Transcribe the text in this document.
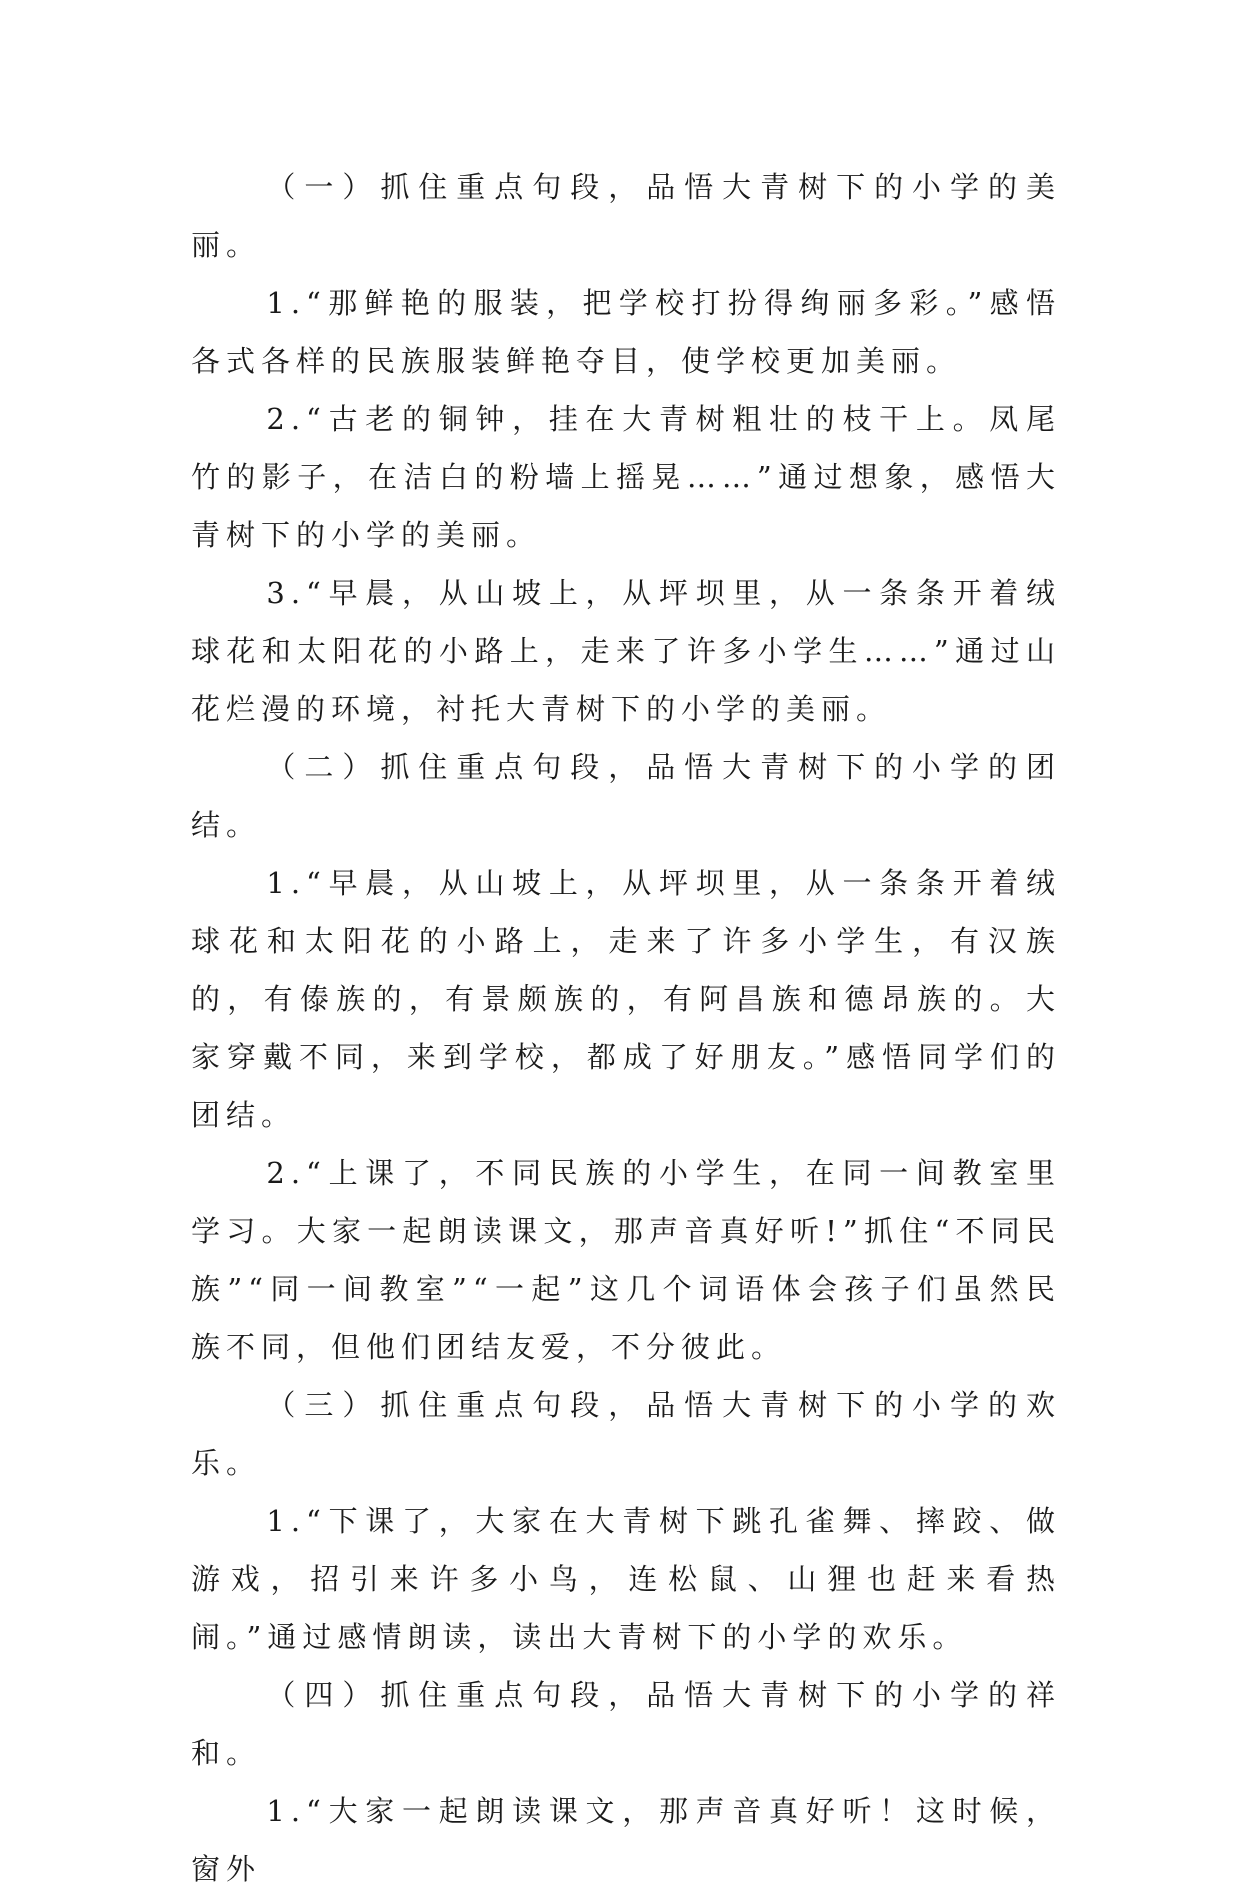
（一）抓住重点句段，品悟大青树下的小学的美丽。

1.“那鲜艳的服装，把学校打扮得绚丽多彩。”感悟各式各样的民族服装鲜艳夺目，使学校更加美丽。

2.“古老的铜钟，挂在大青树粗壮的枝干上。凤尾竹的影子，在洁白的粉墙上摇晃……”通过想象，感悟大青树下的小学的美丽。

3.“早晨，从山坡上，从坪坝里，从一条条开着绒球花和太阳花的小路上，走来了许多小学生……”通过山花烂漫的环境，衬托大青树下的小学的美丽。

（二）抓住重点句段，品悟大青树下的小学的团结。

1.“早晨，从山坡上，从坪坝里，从一条条开着绒球花和太阳花的小路上，走来了许多小学生，有汉族的，有傣族的，有景颇族的，有阿昌族和德昂族的。大家穿戴不同，来到学校，都成了好朋友。”感悟同学们的团结。

2.“上课了，不同民族的小学生，在同一间教室里学习。大家一起朗读课文，那声音真好听!”抓住“不同民族”“同一间教室”“一起”这几个词语体会孩子们虽然民族不同，但他们团结友爱，不分彼此。

（三）抓住重点句段，品悟大青树下的小学的欢乐。

1.“下课了，大家在大青树下跳孔雀舞、摔跤、做游戏，招引来许多小鸟，连松鼠、山狸也赶来看热闹。”通过感情朗读，读出大青树下的小学的欢乐。

（四）抓住重点句段，品悟大青树下的小学的祥和。

1.“大家一起朗读课文，那声音真好听！这时候，窗外
